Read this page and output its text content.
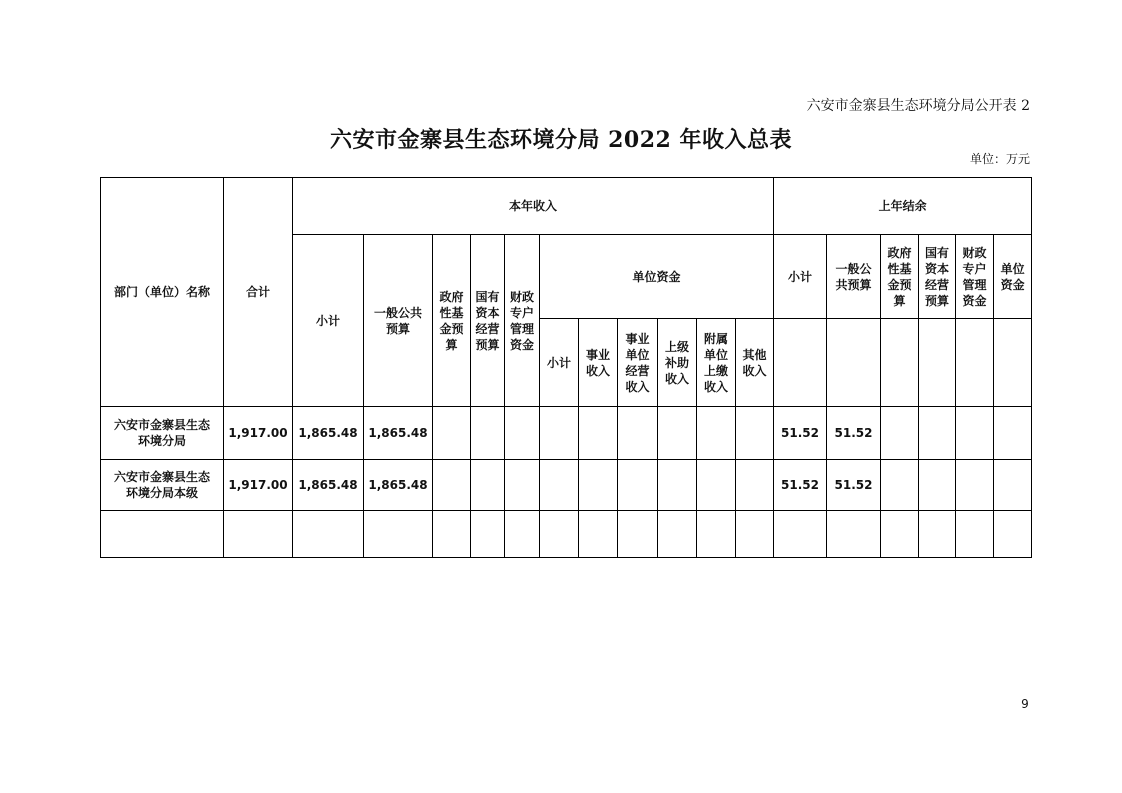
六安市金寨县生态环境分局公开表 2
六安市金寨县生态环境分局 2022 年收入总表
单位：万元
部门（单位）名称	合计	本年收入											上年结余					
		小计	一般公共预算	政府性基金预算	国有资本经营预算	财政专户管理资金	单位资金						小计	一般公共预算	政府性基金预算	国有资本经营预算	财政专户管理资金	单位资金
							小计	事业收入	事业单位经营收入	上级补助收入	附属单位上缴收入	其他收入						
六安市金寨县生态环境分局	1,917.00	1,865.48	1,865.48										51.52	51.52				
六安市金寨县生态环境分局本级	1,917.00	1,865.48	1,865.48										51.52	51.52				

9
